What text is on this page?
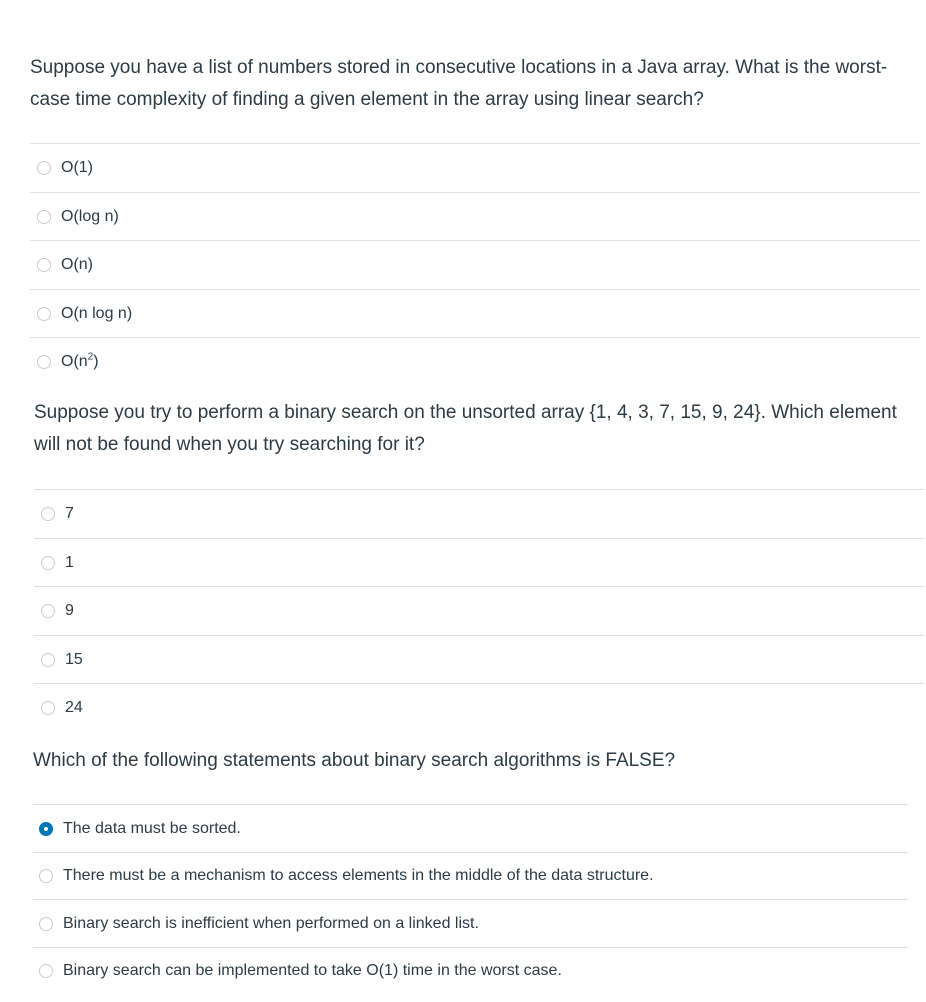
Suppose you have a list of numbers stored in consecutive locations in a Java array. What is the worst-case time complexity of finding a given element in the array using linear search?

O(1)
O(log n)
O(n)
O(n log n)
$O(n^2)$

Suppose you try to perform a binary search on the unsorted array {1, 4, 3, 7, 15, 9, 24}. Which element will not be found when you try searching for it?

7
1
9
15
24

Which of the following statements about binary search algorithms is FALSE?

The data must be sorted.
There must be a mechanism to access elements in the middle of the data structure.
Binary search is inefficient when performed on a linked list.
Binary search can be implemented to take O(1) time in the worst case.
